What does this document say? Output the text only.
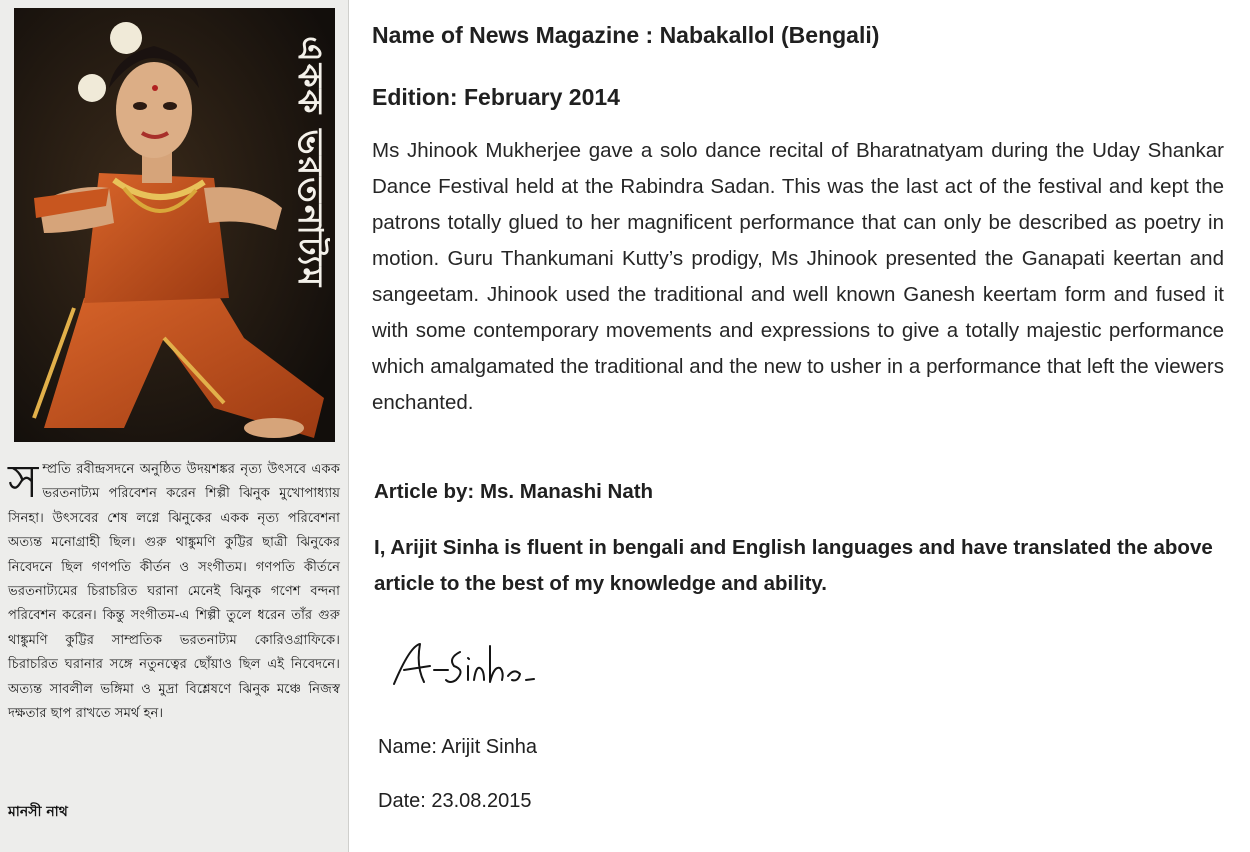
একক ভরতনাট্যম

সম্প্রতি রবীন্দ্রসদনে অনুষ্ঠিত উদয়শঙ্কর নৃত্য উৎসবে একক ভরতনাট্যম পরিবেশন করেন শিল্পী ঝিনুক মুখোপাধ্যায় সিনহা। উৎসবের শেষ লগ্নে ঝিনুকের একক নৃত্য পরিবেশনা অত্যন্ত মনোগ্রাহী ছিল। গুরু থাঙ্কুমণি কুট্টির ছাত্রী ঝিনুকের নিবেদনে ছিল গণপতি কীর্তন ও সংগীতম। গণপতি কীর্তনে ভরতনাট্যমের চিরাচরিত ঘরানা মেনেই ঝিনুক গণেশ বন্দনা পরিবেশন করেন। কিন্তু সংগীতম-এ শিল্পী তুলে ধরেন তাঁর গুরু থাঙ্কুমণি কুট্টির সাম্প্রতিক ভরতনাট্যম কোরিওগ্রাফিকে। চিরাচরিত ঘরানার সঙ্গে নতুনত্বের ছোঁয়াও ছিল এই নিবেদনে। অত্যন্ত সাবলীল ভঙ্গিমা ও মুদ্রা বিশ্লেষণে ঝিনুক মঞ্চে নিজস্ব দক্ষতার ছাপ রাখতে সমর্থ হন।

মানসী নাথ
Name of News Magazine : Nabakallol (Bengali)
Edition: February 2014

Ms Jhinook Mukherjee gave a solo dance recital of Bharatnatyam during the Uday Shankar Dance Festival held at the Rabindra Sadan. This was the last act of the festival and kept the patrons totally glued to her magnificent performance that can only be described as poetry in motion. Guru Thankumani Kutty’s prodigy, Ms Jhinook presented the Ganapati keertan and sangeetam. Jhinook used the traditional and well known Ganesh keertam form and fused it with some contemporary movements and expressions to give a totally majestic performance which amalgamated the traditional and the new to usher in a performance that left the viewers enchanted.

Article by: Ms. Manashi Nath

I, Arijit Sinha is fluent in bengali and English languages and have translated the above article to the best of my knowledge and ability.

Name: Arijit Sinha

Date: 23.08.2015
